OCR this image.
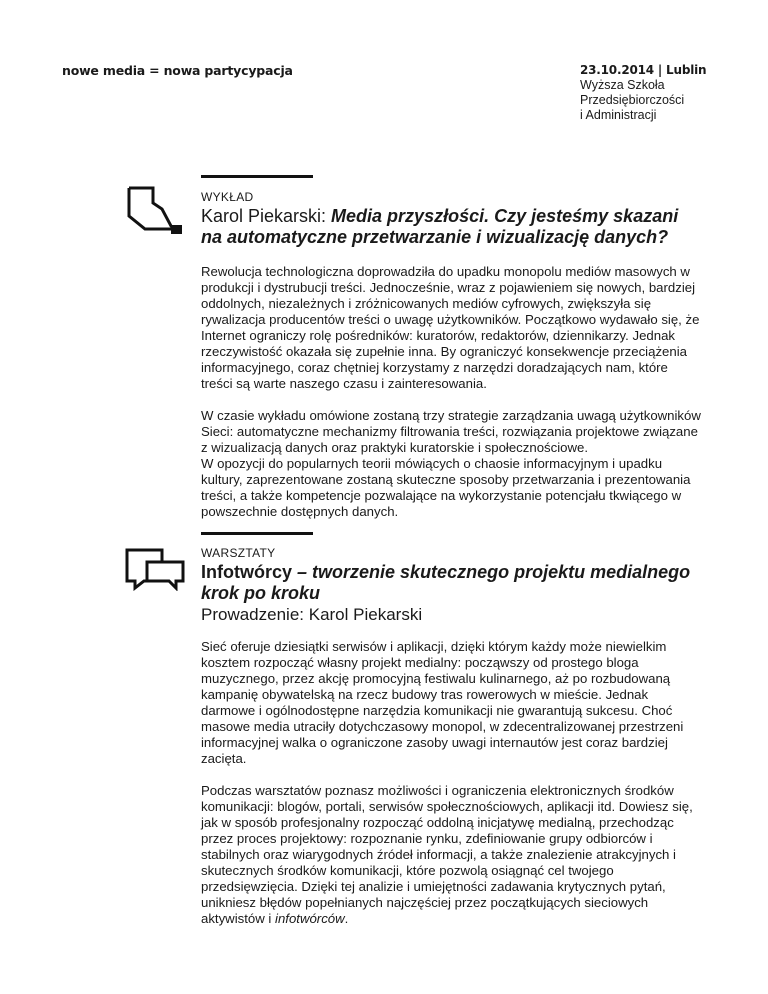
nowe media = nowa partycypacja	23.10.2014 | Lublin
Wyższa Szkoła
Przedsiębiorczości
i Administracji

WYKŁAD

Karol Piekarski: Media przyszłości. Czy jesteśmy skazani na automatyczne przetwarzanie i wizualizację danych?

Rewolucja technologiczna doprowadziła do upadku monopolu mediów masowych w produkcji i dystrubucji treści. Jednocześnie, wraz z pojawieniem się nowych, bardziej oddolnych, niezależnych i zróżnicowanych mediów cyfrowych, zwiększyła się rywalizacja producentów treści o uwagę użytkowników. Początkowo wydawało się, że Internet ograniczy rolę pośredników: kuratorów, redaktorów, dziennikarzy. Jednak rzeczywistość okazała się zupełnie inna. By ograniczyć konsekwencje przeciążenia informacyjnego, coraz chętniej korzystamy z narzędzi doradzających nam, które treści są warte naszego czasu i zainteresowania.

W czasie wykładu omówione zostaną trzy strategie zarządzania uwagą użytkowników Sieci: automatyczne mechanizmy filtrowania treści, rozwiązania projektowe związane z wizualizacją danych oraz praktyki kuratorskie i społecznościowe.

W opozycji do popularnych teorii mówiących o chaosie informacyjnym i upadku kultury, zaprezentowane zostaną skuteczne sposoby przetwarzania i prezentowania treści, a także kompetencje pozwalające na wykorzystanie potencjału tkwiącego w powszechnie dostępnych danych.

WARSZTATY

Infotwórcy – tworzenie skutecznego projektu medialnego krok po kroku

Prowadzenie: Karol Piekarski

Sieć oferuje dziesiątki serwisów i aplikacji, dzięki którym każdy może niewielkim kosztem rozpocząć własny projekt medialny: począwszy od prostego bloga muzycznego, przez akcję promocyjną festiwalu kulinarnego, aż po rozbudowaną kampanię obywatelską na rzecz budowy tras rowerowych w mieście. Jednak darmowe i ogólnodostępne narzędzia komunikacji nie gwarantują sukcesu. Choć masowe media utraciły dotychczasowy monopol, w zdecentralizowanej przestrzeni informacyjnej walka o ograniczone zasoby uwagi internautów jest coraz bardziej zacięta.

Podczas warsztatów poznasz możliwości i ograniczenia elektronicznych środków komunikacji: blogów, portali, serwisów społecznościowych, aplikacji itd. Dowiesz się, jak w sposób profesjonalny rozpocząć oddolną inicjatywę medialną, przechodząc przez proces projektowy: rozpoznanie rynku, zdefiniowanie grupy odbiorców i stabilnych oraz wiarygodnych źródeł informacji, a także znalezienie atrakcyjnych i skutecznych środków komunikacji, które pozwolą osiągnąć cel twojego przedsięwzięcia. Dzięki tej analizie i umiejętności zadawania krytycznych pytań, unikniesz błędów popełnianych najczęściej przez początkujących sieciowych aktywistów i infotwórców.
